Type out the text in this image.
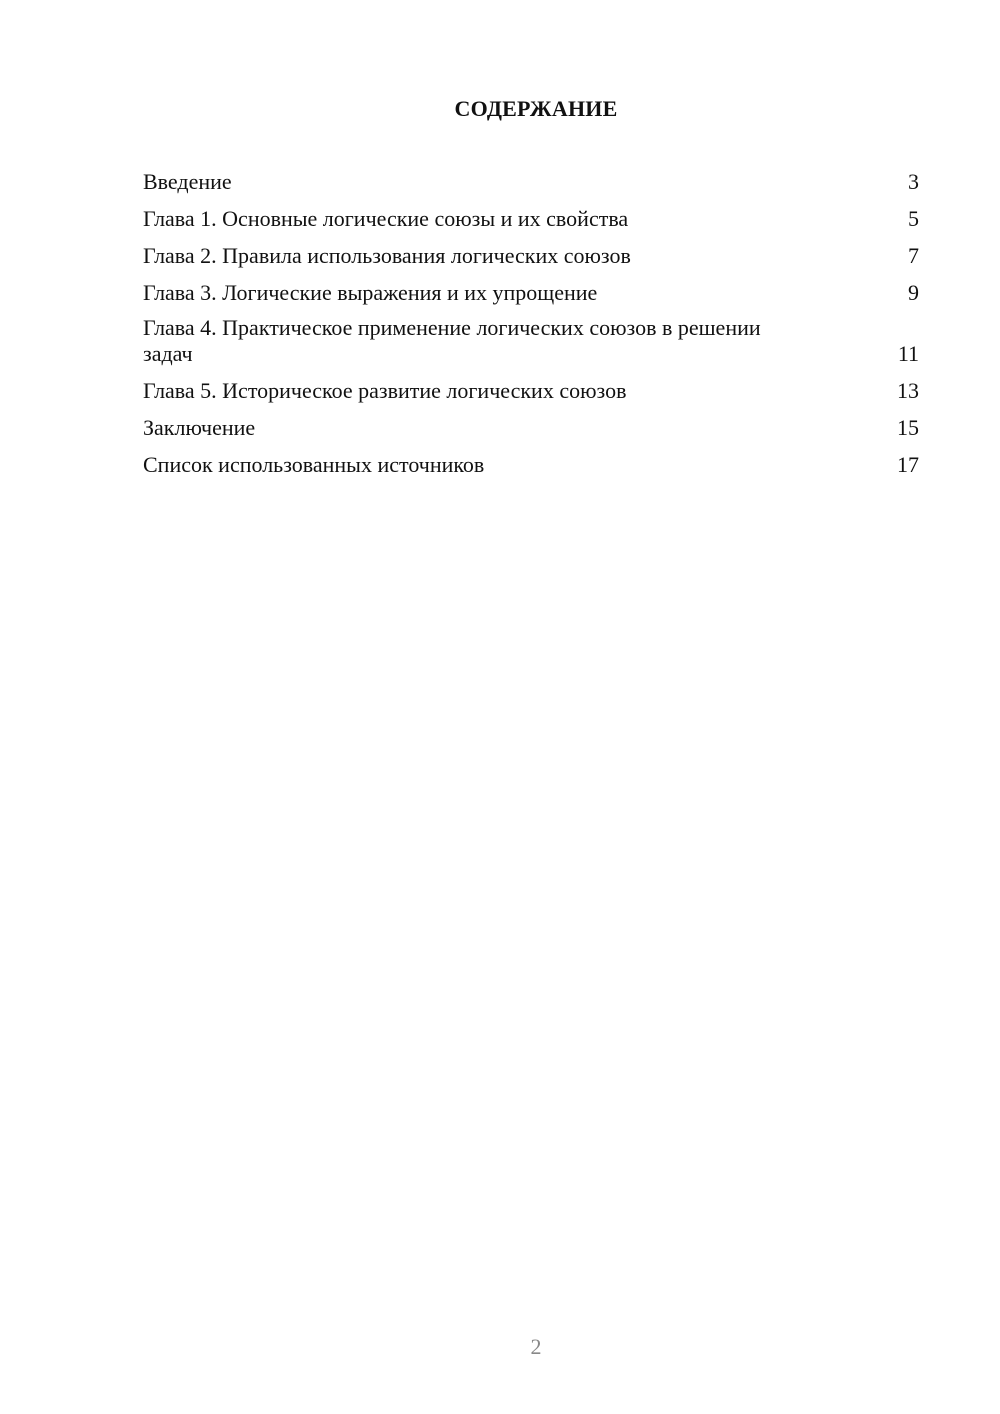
СОДЕРЖАНИЕ
Введение	3
Глава 1. Основные логические союзы и их свойства	5
Глава 2. Правила использования логических союзов	7
Глава 3. Логические выражения и их упрощение	9
Глава 4. Практическое применение логических союзов в решении задач	11
Глава 5. Историческое развитие логических союзов	13
Заключение	15
Список использованных источников	17
2
